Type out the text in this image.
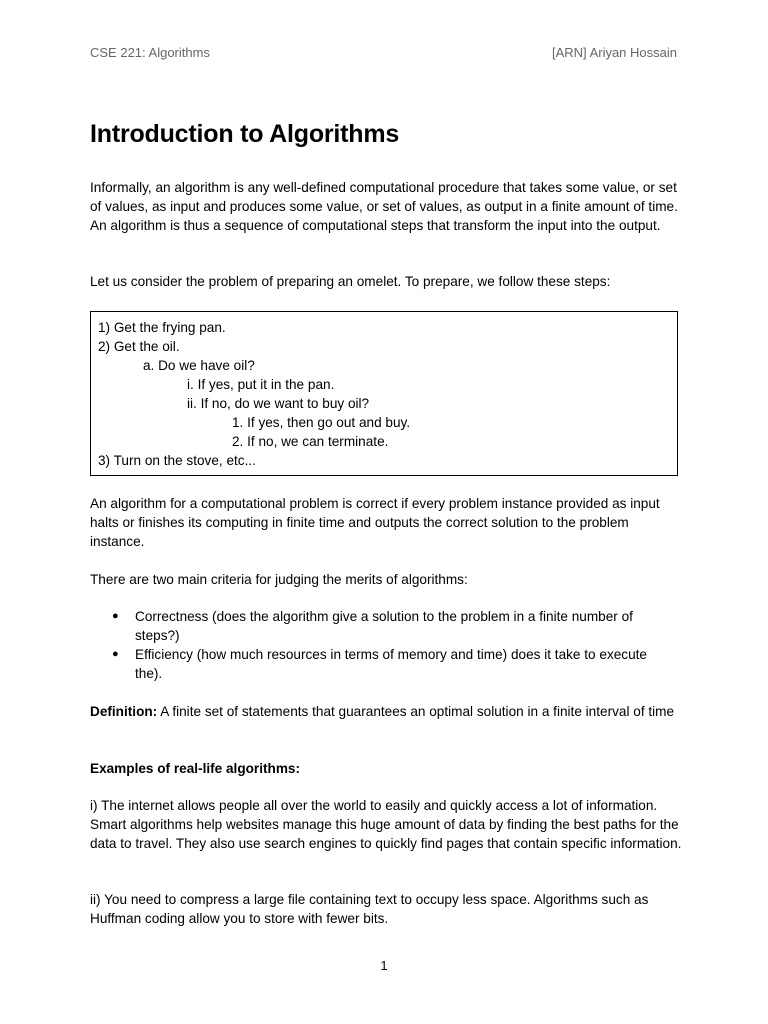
CSE 221: Algorithms	[ARN] Ariyan Hossain
Introduction to Algorithms

Informally, an algorithm is any well-defined computational procedure that takes some value, or set of values, as input and produces some value, or set of values, as output in a finite amount of time. An algorithm is thus a sequence of computational steps that transform the input into the output.

Let us consider the problem of preparing an omelet. To prepare, we follow these steps:

1) Get the frying pan.
2) Get the oil.
a. Do we have oil?
i. If yes, put it in the pan.
ii. If no, do we want to buy oil?
1. If yes, then go out and buy.
2. If no, we can terminate.
3) Turn on the stove, etc...

An algorithm for a computational problem is correct if every problem instance provided as input halts or finishes its computing in finite time and outputs the correct solution to the problem instance.

There are two main criteria for judging the merits of algorithms:

● Correctness (does the algorithm give a solution to the problem in a finite number of steps?)
● Efficiency (how much resources in terms of memory and time) does it take to execute the).

Definition: A finite set of statements that guarantees an optimal solution in a finite interval of time

Examples of real-life algorithms:

i) The internet allows people all over the world to easily and quickly access a lot of information. Smart algorithms help websites manage this huge amount of data by finding the best paths for the data to travel. They also use search engines to quickly find pages that contain specific information.

ii) You need to compress a large file containing text to occupy less space. Algorithms such as Huffman coding allow you to store with fewer bits.

1
